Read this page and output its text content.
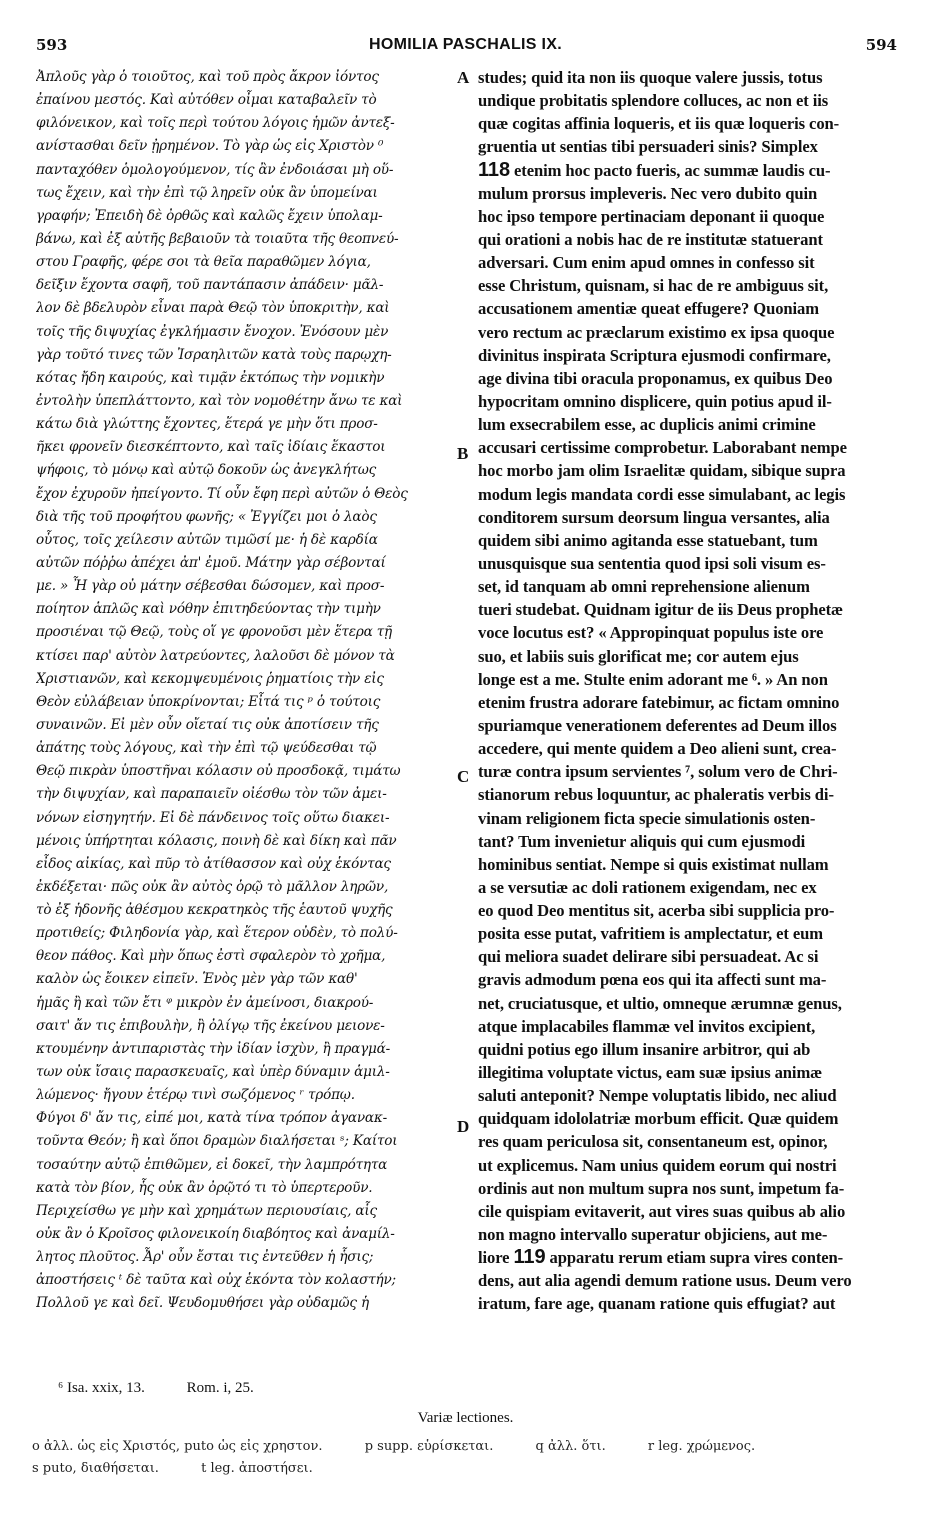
593	HOMILIA PASCHALIS IX.	594
Ἀπλοῦς γὰρ ὁ τοιοῦτος, καὶ τοῦ πρὸς ἄκρον ἰόντος
ἐπαίνου μεστός. Καὶ αὐτόθεν οἶμαι καταβαλεῖν τὸ
φιλόνεικον, καὶ τοῖς περὶ τούτου λόγοις ἡμῶν ἀντεξ-
ανίστασθαι δεῖν ᾐρημένον. Τὸ γὰρ ὡς εἰς Χριστὸν ⁰
πανταχόθεν ὁμολογούμενον, τίς ἂν ἐνδοιάσαι μὴ οὕ-
τως ἔχειν, καὶ τὴν ἐπὶ τῷ ληρεῖν οὐκ ἂν ὑπομείναι
γραφήν; Ἐπειδὴ δὲ ὀρθῶς καὶ καλῶς ἔχειν ὑπολαμ-
βάνω, καὶ ἐξ αὐτῆς βεβαιοῦν τὰ τοιαῦτα τῆς θεοπνεύ-
στου Γραφῆς, φέρε σοι τὰ θεῖα παραθῶμεν λόγια,
δεῖξιν ἔχοντα σαφῆ, τοῦ παντάπασιν ἀπάδειν· μᾶλ-
λον δὲ βδελυρὸν εἶναι παρὰ Θεῷ τὸν ὑποκριτὴν, καὶ
τοῖς τῆς διψυχίας ἐγκλήμασιν ἔνοχον. Ἐνόσουν μὲν
γὰρ τοῦτό τινες τῶν Ἰσραηλιτῶν κατὰ τοὺς παρῳχη-
κότας ἤδη καιρούς, καὶ τιμᾷν ἐκτόπως τὴν νομικὴν
ἐντολὴν ὑπεπλάττοντο, καὶ τὸν νομοθέτην ἄνω τε καὶ
κάτω διὰ γλώττης ἔχοντες, ἕτερά γε μὴν ὅτι προσ-
ῆκει φρονεῖν διεσκέπτοντο, καὶ ταῖς ἰδίαις ἕκαστοι
ψήφοις, τὸ μόνῳ καὶ αὐτῷ δοκοῦν ὡς ἀνεγκλήτως
ἔχον ἐχυροῦν ἠπείγοντο. Τί οὖν ἔφη περὶ αὐτῶν ὁ Θεὸς
διὰ τῆς τοῦ προφήτου φωνῆς; « Ἐγγίζει μοι ὁ λαὸς
οὗτος, τοῖς χείλεσιν αὐτῶν τιμῶσί με· ἡ δὲ καρδία
αὐτῶν πόῤῥω ἀπέχει ἀπ' ἐμοῦ. Μάτην γὰρ σέβονταί
με. » Ἦ γὰρ οὐ μάτην σέβεσθαι δώσομεν, καὶ προσ-
ποίητον ἁπλῶς καὶ νόθην ἐπιτηδεύοντας τὴν τιμὴν
προσιέναι τῷ Θεῷ, τοὺς οἵ γε φρονοῦσι μὲν ἕτερα τῇ
κτίσει παρ' αὐτὸν λατρεύοντες, λαλοῦσι δὲ μόνον τὰ
Χριστιανῶν, καὶ κεκομψευμένοις ῥηματίοις τὴν εἰς
Θεὸν εὐλάβειαν ὑποκρίνονται; Εἶτά τις ᵖ ὁ τούτοις
συναινῶν. Εἰ μὲν οὖν οἴεταί τις οὐκ ἀποτίσειν τῆς
ἀπάτης τοὺς λόγους, καὶ τὴν ἐπὶ τῷ ψεύδεσθαι τῷ
Θεῷ πικρὰν ὑποστῆναι κόλασιν οὐ προσδοκᾷ, τιμάτω
τὴν διψυχίαν, καὶ παραπαιεῖν οἰέσθω τὸν τῶν ἀμει-
νόνων εἰσηγητήν. Εἰ δὲ πάνδεινος τοῖς οὕτω διακει-
μένοις ὑπήρτηται κόλασις, ποινὴ δὲ καὶ δίκη καὶ πᾶν
εἶδος αἰκίας, καὶ πῦρ τὸ ἀτίθασσον καὶ οὐχ ἑκόντας
ἐκδέξεται· πῶς οὐκ ἂν αὐτὸς ὁρῷ τὸ μᾶλλον ληρῶν,
τὸ ἐξ ἡδονῆς ἀθέσμου κεκρατηκὸς τῆς ἑαυτοῦ ψυχῆς
προτιθείς; Φιληδονία γὰρ, καὶ ἕτερον οὐδὲν, τὸ πολύ-
θεον πάθος. Καὶ μὴν ὅπως ἐστὶ σφαλερὸν τὸ χρῆμα,
καλὸν ὡς ἔοικεν εἰπεῖν. Ἑνὸς μὲν γὰρ τῶν καθ'
ἡμᾶς ἢ καὶ τῶν ἔτι ᵠ μικρὸν ἐν ἀμείνοσι, διακρού-
σαιτ' ἄν τις ἐπιβουλὴν, ἢ ὀλίγῳ τῆς ἐκείνου μειονε-
κτουμένην ἀντιπαριστὰς τὴν ἰδίαν ἰσχὺν, ἢ πραγμά-
των οὐκ ἴσαις παρασκευαῖς, καὶ ὑπὲρ δύναμιν ἁμιλ-
λώμενος· ἤγουν ἑτέρῳ τινὶ σωζόμενος ʳ τρόπῳ.
Φύγοι δ' ἄν τις, εἰπέ μοι, κατὰ τίνα τρόπον ἀγανακ-
τοῦντα Θεόν; ἢ καὶ ὅποι δραμὼν διαλήσεται ˢ; Καίτοι
τοσαύτην αὐτῷ ἐπιθῶμεν, εἰ δοκεῖ, τὴν λαμπρότητα
κατὰ τὸν βίον, ἧς οὐκ ἂν ὀρῷτό τι τὸ ὑπερτεροῦν.
Περιχείσθω γε μὴν καὶ χρημάτων περιουσίαις, αἷς
οὐκ ἂν ὁ Κροῖσος φιλονεικοίη διαβόητος καὶ ἀναμίλ-
λητος πλοῦτος. Ἆρ' οὖν ἔσται τις ἐντεῦθεν ἡ ἧσις;
ἀποστήσεις ᵗ δὲ ταῦτα καὶ οὐχ ἑκόντα τὸν κολαστήν;
Πολλοῦ γε καὶ δεῖ. Ψευδομυθήσει γὰρ οὐδαμῶς ἡ
studes; quid ita non iis quoque valere jussis, totus
undique probitatis splendore colluces, ac non et iis
quæ cogitas affinia loqueris, et iis quæ loqueris con-
gruentia ut sentias tibi persuaderi sinis? Simplex
118 etenim hoc pacto fueris, ac summæ laudis cu-
mulum prorsus impleveris. Nec vero dubito quin
hoc ipso tempore pertinaciam deponant ii quoque
qui orationi a nobis hac de re institutæ statuerant
adversari. Cum enim apud omnes in confesso sit
esse Christum, quisnam, si hac de re ambiguus sit,
accusationem amentiæ queat effugere? Quoniam
vero rectum ac præclarum existimo ex ipsa quoque
divinitus inspirata Scriptura ejusmodi confirmare,
age divina tibi oracula proponamus, ex quibus Deo
hypocritam omnino displicere, quin potius apud il-
lum exsecrabilem esse, ac duplicis animi crimine
accusari certissime comprobetur. Laborabant nempe
hoc morbo jam olim Israelitæ quidam, sibique supra
modum legis mandata cordi esse simulabant, ac legis
conditorem sursum deorsum lingua versantes, alia
quidem sibi animo agitanda esse statuebant, tum
unusquisque sua sententia quod ipsi soli visum es-
set, id tanquam ab omni reprehensione alienum
tueri studebat. Quidnam igitur de iis Deus prophetæ
voce locutus est? « Appropinquat populus iste ore
suo, et labiis suis glorificat me; cor autem ejus
longe est a me. Stulte enim adorant me ⁶. » An non
etenim frustra adorare fatebimur, ac fictam omnino
spuriamque venerationem deferentes ad Deum illos
accedere, qui mente quidem a Deo alieni sunt, crea-
turæ contra ipsum servientes ⁷, solum vero de Chri-
stianorum rebus loquuntur, ac phaleratis verbis di-
vinam religionem ficta specie simulationis osten-
tant? Tum invenietur aliquis qui cum ejusmodi
hominibus sentiat. Nempe si quis existimat nullam
a se versutiæ ac doli rationem exigendam, nec ex
eo quod Deo mentitus sit, acerba sibi supplicia pro-
posita esse putat, vafritiem is amplectatur, et eum
qui meliora suadet delirare sibi persuadeat. Ac si
gravis admodum pœna eos qui ita affecti sunt ma-
net, cruciatusque, et ultio, omneque ærumnæ genus,
atque implacabiles flammæ vel invitos excipient,
quidni potius ego illum insanire arbitror, qui ab
illegitima voluptate victus, eam suæ ipsius animæ
saluti anteponit? Nempe voluptatis libido, nec aliud
quidquam idololatriæ morbum efficit. Quæ quidem
res quam periculosa sit, consentaneum est, opinor,
ut explicemus. Nam unius quidem eorum qui nostri
ordinis aut non multum supra nos sunt, impetum fa-
cile quispiam evitaverit, aut vires suas quibus ab alio
non magno intervallo superatur objiciens, aut me-
liore 119 apparatu rerum etiam supra vires conten-
dens, aut alia agendi demum ratione usus. Deum vero
iratum, fare age, quanam ratione quis effugiat? aut
A
B
C
D
⁶ Isa. xxix, 13.	Rom. i, 25.
Variæ lectiones.
o ἀλλ. ὡς εἰς Χριστός, puto ὡς εἰς χρηστον.	p supp. εὑρίσκεται.	q ἀλλ. ὅτι.	r leg. χρώμενος.
s puto, διαθήσεται.	t leg. ἀποστήσει.
